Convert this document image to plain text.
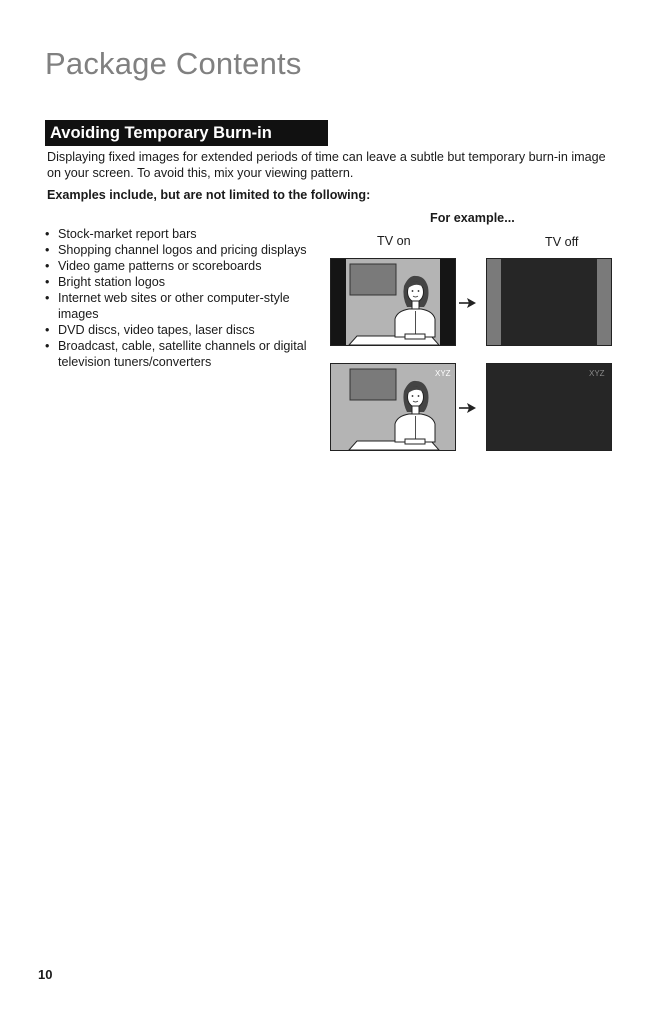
Package Contents
Avoiding Temporary Burn-in

Displaying fixed images for extended periods of time can leave a subtle but temporary burn-in image on your screen. To avoid this, mix your viewing pattern.

Examples include, but are not limited to the following:

• Stock-market report bars
• Shopping channel logos and pricing displays
• Video game patterns or scoreboards
• Bright station logos
• Internet web sites or other computer-style images
• DVD discs, video tapes, laser discs
• Broadcast, cable, satellite channels or digital television tuners/converters
For example...
TV on	TV off
XYZ	XYZ
10
